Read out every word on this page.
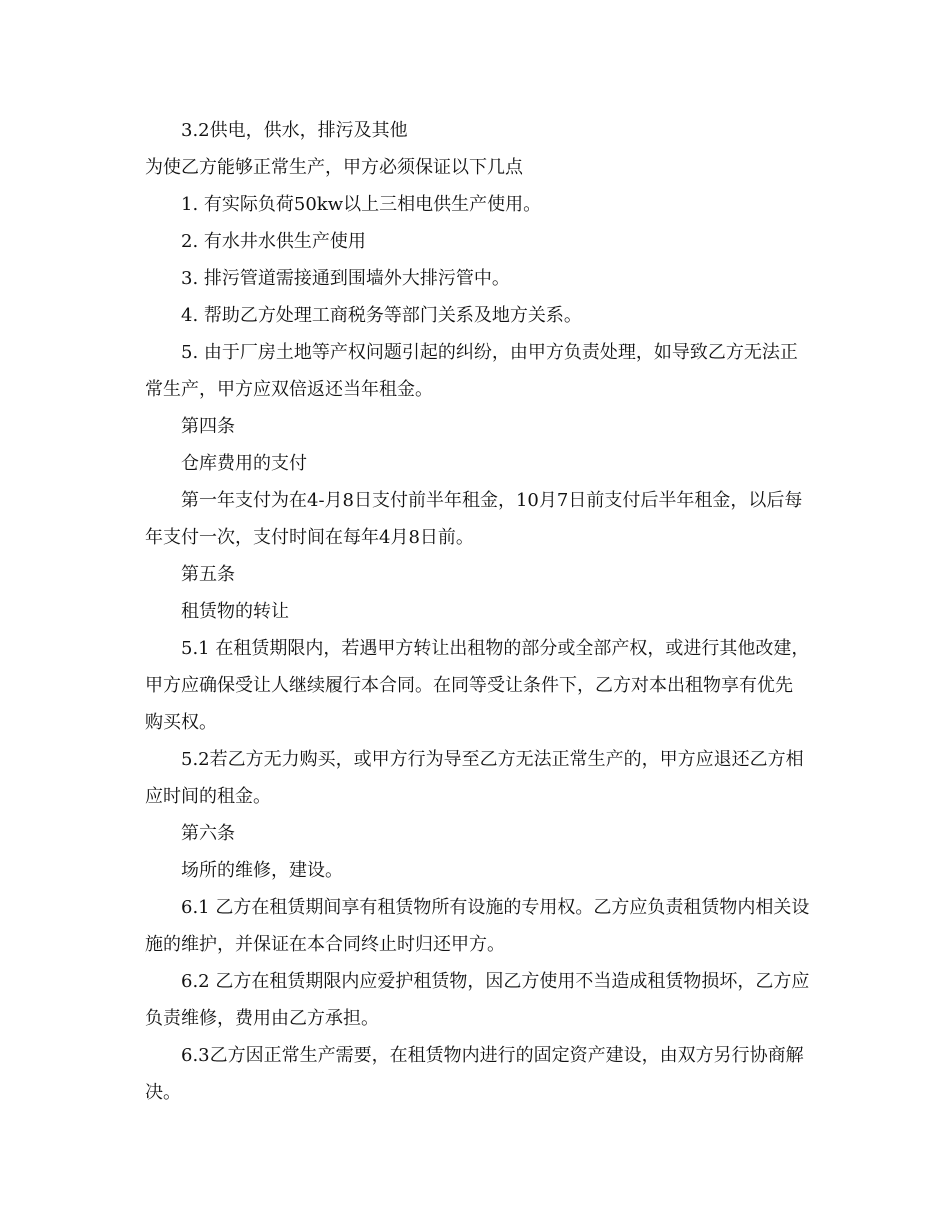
3.2供电，供水，排污及其他

为使乙方能够正常生产，甲方必须保证以下几点

1. 有实际负荷50kw以上三相电供生产使用。

2. 有水井水供生产使用

3. 排污管道需接通到围墙外大排污管中。

4. 帮助乙方处理工商税务等部门关系及地方关系。

5. 由于厂房土地等产权问题引起的纠纷，由甲方负责处理，如导致乙方无法正常生产，甲方应双倍返还当年租金。

第四条

仓库费用的支付

第一年支付为在4-月8日支付前半年租金，10月7日前支付后半年租金，以后每年支付一次，支付时间在每年4月8日前。

第五条

租赁物的转让

5.1 在租赁期限内，若遇甲方转让出租物的部分或全部产权，或进行其他改建，甲方应确保受让人继续履行本合同。在同等受让条件下，乙方对本出租物享有优先购买权。

5.2若乙方无力购买，或甲方行为导至乙方无法正常生产的，甲方应退还乙方相应时间的租金。

第六条

场所的维修，建设。

6.1 乙方在租赁期间享有租赁物所有设施的专用权。乙方应负责租赁物内相关设施的维护，并保证在本合同终止时归还甲方。

6.2 乙方在租赁期限内应爱护租赁物，因乙方使用不当造成租赁物损坏，乙方应负责维修，费用由乙方承担。

6.3乙方因正常生产需要，在租赁物内进行的固定资产建设，由双方另行协商解决。
